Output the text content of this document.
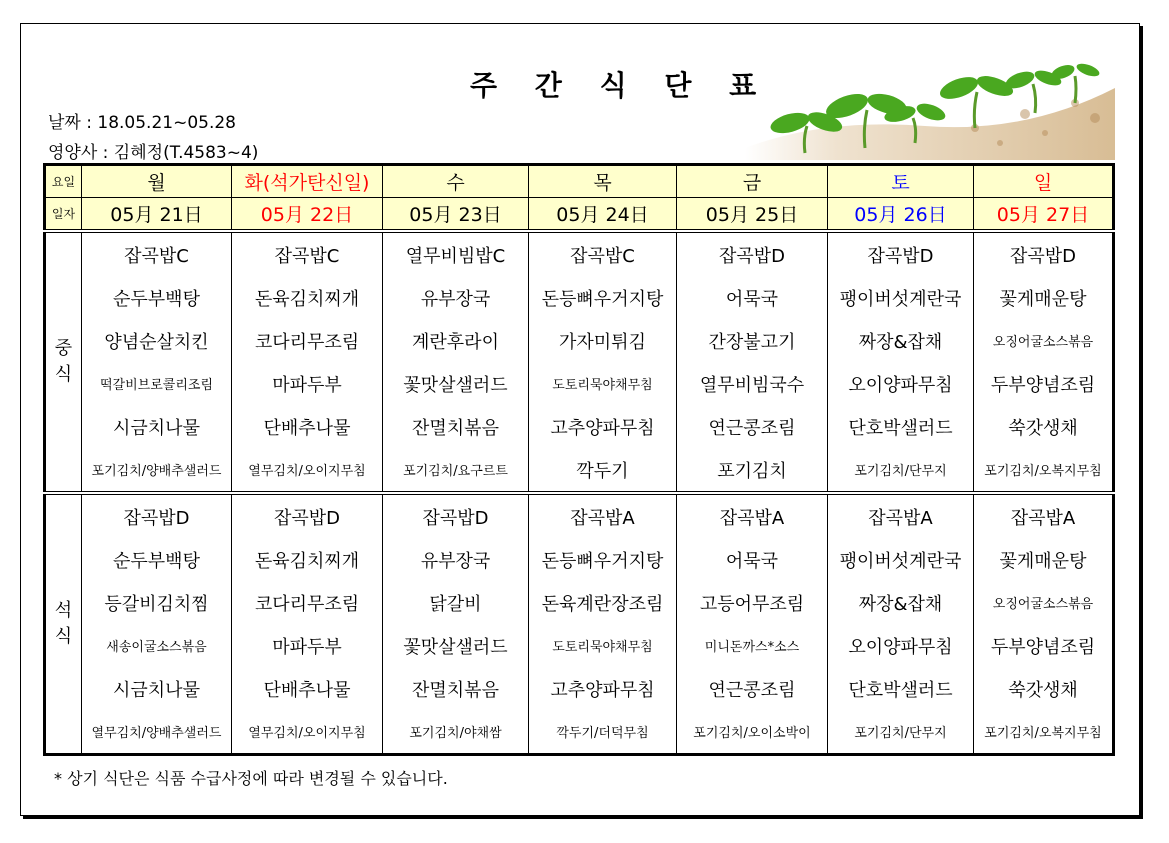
주 간 식 단 표
날짜 : 18.05.21~05.28
영양사 : 김혜정(T.4583~4)
요일	월	화(석가탄신일)	수	목	금	토	일
일자	05月 21日	05月 22日	05月 23日	05月 24日	05月 25日	05月 26日	05月 27日
중
식	잡곡밥C	잡곡밥C	열무비빔밥C	잡곡밥C	잡곡밥D	잡곡밥D	잡곡밥D
	순두부백탕	돈육김치찌개	유부장국	돈등뼈우거지탕	어묵국	팽이버섯계란국	꽃게매운탕
	양념순살치킨	코다리무조림	계란후라이	가자미튀김	간장불고기	짜장&잡채	오징어굴소스볶음
	떡갈비브로콜리조림	마파두부	꽃맛살샐러드	도토리묵야채무침	열무비빔국수	오이양파무침	두부양념조림
	시금치나물	단배추나물	잔멸치볶음	고추양파무침	연근콩조림	단호박샐러드	쑥갓생채
	포기김치/양배추샐러드	열무김치/오이지무침	포기김치/요구르트	깍두기	포기김치	포기김치/단무지	포기김치/오복지무침
석
식	잡곡밥D	잡곡밥D	잡곡밥D	잡곡밥A	잡곡밥A	잡곡밥A	잡곡밥A
	순두부백탕	돈육김치찌개	유부장국	돈등뼈우거지탕	어묵국	팽이버섯계란국	꽃게매운탕
	등갈비김치찜	코다리무조림	닭갈비	돈육계란장조림	고등어무조림	짜장&잡채	오징어굴소스볶음
	새송이굴소스볶음	마파두부	꽃맛살샐러드	도토리묵야채무침	미니돈까스*소스	오이양파무침	두부양념조림
	시금치나물	단배추나물	잔멸치볶음	고추양파무침	연근콩조림	단호박샐러드	쑥갓생채
	열무김치/양배추샐러드	열무김치/오이지무침	포기김치/야채쌈	깍두기/더덕무침	포기김치/오이소박이	포기김치/단무지	포기김치/오복지무침
* 상기 식단은 식품 수급사정에 따라 변경될 수 있습니다.
